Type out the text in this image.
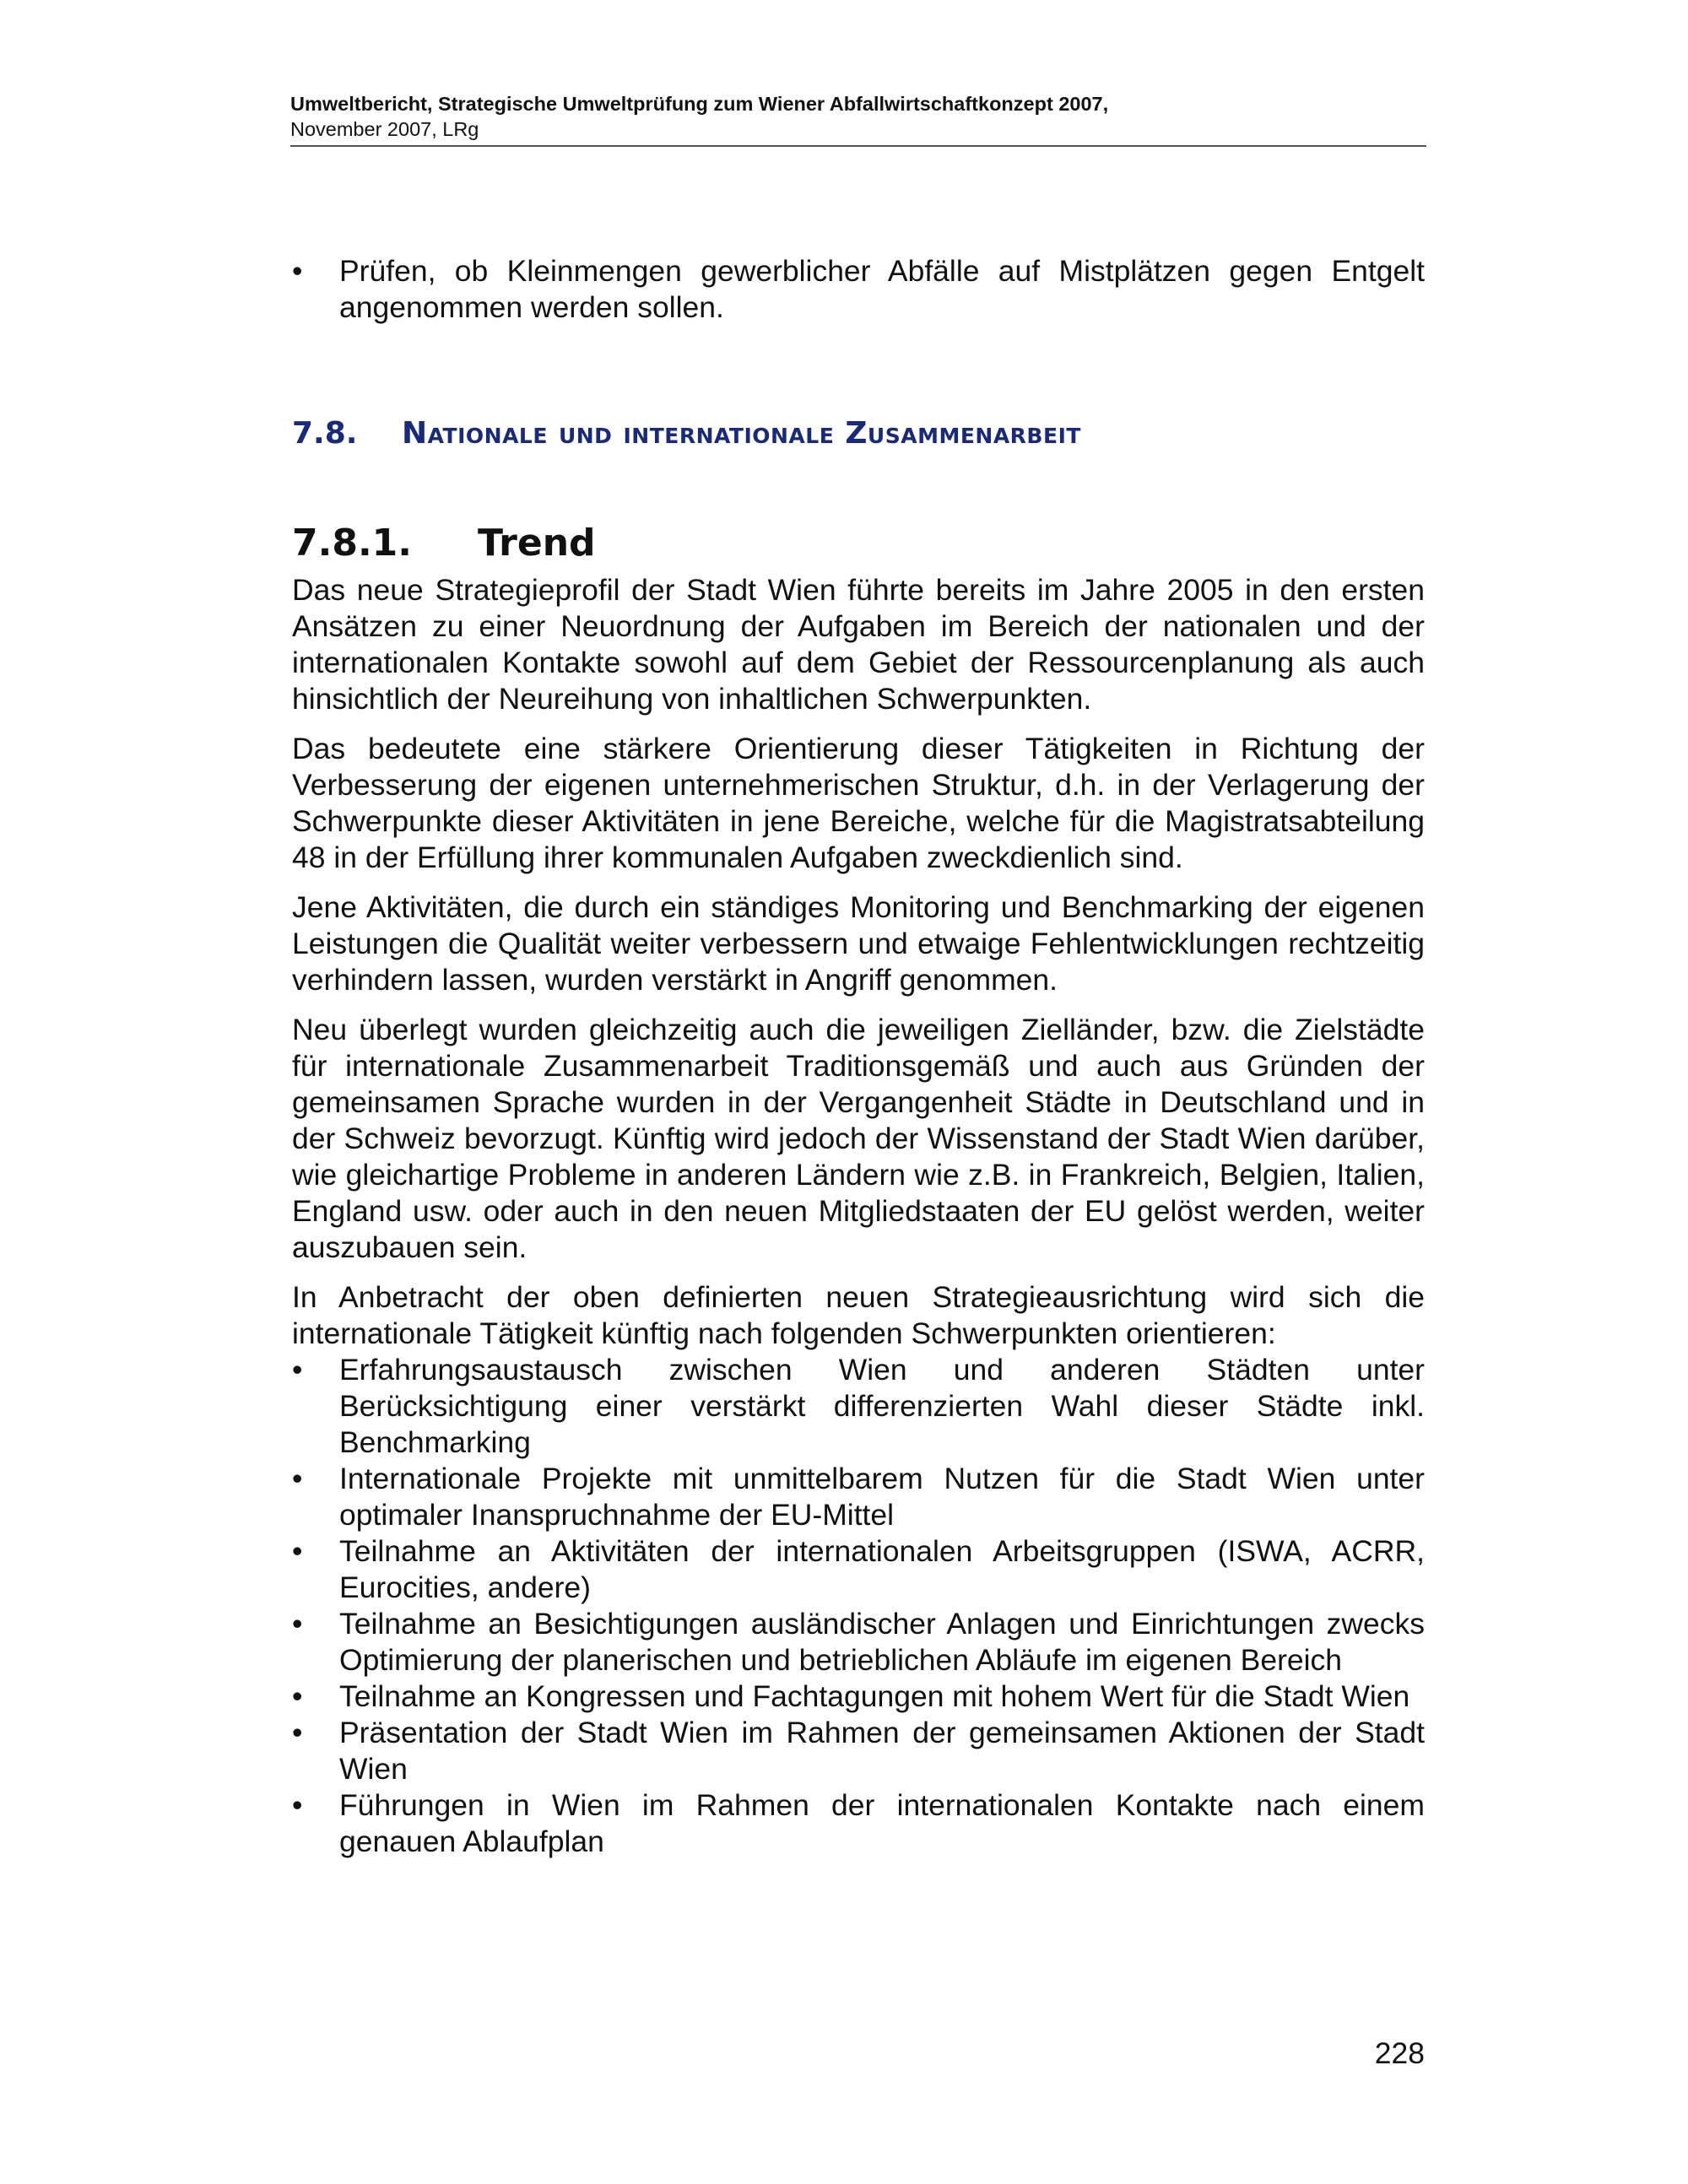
Umweltbericht, Strategische Umweltprüfung zum Wiener Abfallwirtschaftkonzept 2007,
November 2007, LRg
•	Prüfen, ob Kleinmengen gewerblicher Abfälle auf Mistplätzen gegen Entgelt angenommen werden sollen.
7.8. Nationale und internationale Zusammenarbeit
7.8.1. Trend

Das neue Strategieprofil der Stadt Wien führte bereits im Jahre 2005 in den ersten Ansätzen zu einer Neuordnung der Aufgaben im Bereich der nationalen und der internationalen Kontakte sowohl auf dem Gebiet der Ressourcenplanung als auch hinsichtlich der Neureihung von inhaltlichen Schwerpunkten.

Das bedeutete eine stärkere Orientierung dieser Tätigkeiten in Richtung der Verbesserung der eigenen unternehmerischen Struktur, d.h. in der Verlagerung der Schwerpunkte dieser Aktivitäten in jene Bereiche, welche für die Magistratsabteilung 48 in der Erfüllung ihrer kommunalen Aufgaben zweckdienlich sind.

Jene Aktivitäten, die durch ein ständiges Monitoring und Benchmarking der eigenen Leistungen die Qualität weiter verbessern und etwaige Fehlentwicklungen rechtzeitig verhindern lassen, wurden verstärkt in Angriff genommen.

Neu überlegt wurden gleichzeitig auch die jeweiligen Zielländer, bzw. die Zielstädte für internationale Zusammenarbeit Traditionsgemäß und auch aus Gründen der gemeinsamen Sprache wurden in der Vergangenheit Städte in Deutschland und in der Schweiz bevorzugt. Künftig wird jedoch der Wissenstand der Stadt Wien darüber, wie gleichartige Probleme in anderen Ländern wie z.B. in Frankreich, Belgien, Italien, England usw. oder auch in den neuen Mitgliedstaaten der EU gelöst werden, weiter auszubauen sein.

In Anbetracht der oben definierten neuen Strategieausrichtung wird sich die internationale Tätigkeit künftig nach folgenden Schwerpunkten orientieren:

•	Erfahrungsaustausch zwischen Wien und anderen Städten unter Berücksichtigung einer verstärkt differenzierten Wahl dieser Städte inkl. Benchmarking
•	Internationale Projekte mit unmittelbarem Nutzen für die Stadt Wien unter optimaler Inanspruchnahme der EU-Mittel
•	Teilnahme an Aktivitäten der internationalen Arbeitsgruppen (ISWA, ACRR, Eurocities, andere)
•	Teilnahme an Besichtigungen ausländischer Anlagen und Einrichtungen zwecks Optimierung der planerischen und betrieblichen Abläufe im eigenen Bereich
•	Teilnahme an Kongressen und Fachtagungen mit hohem Wert für die Stadt Wien
•	Präsentation der Stadt Wien im Rahmen der gemeinsamen Aktionen der Stadt Wien
•	Führungen in Wien im Rahmen der internationalen Kontakte nach einem genauen Ablaufplan
228
